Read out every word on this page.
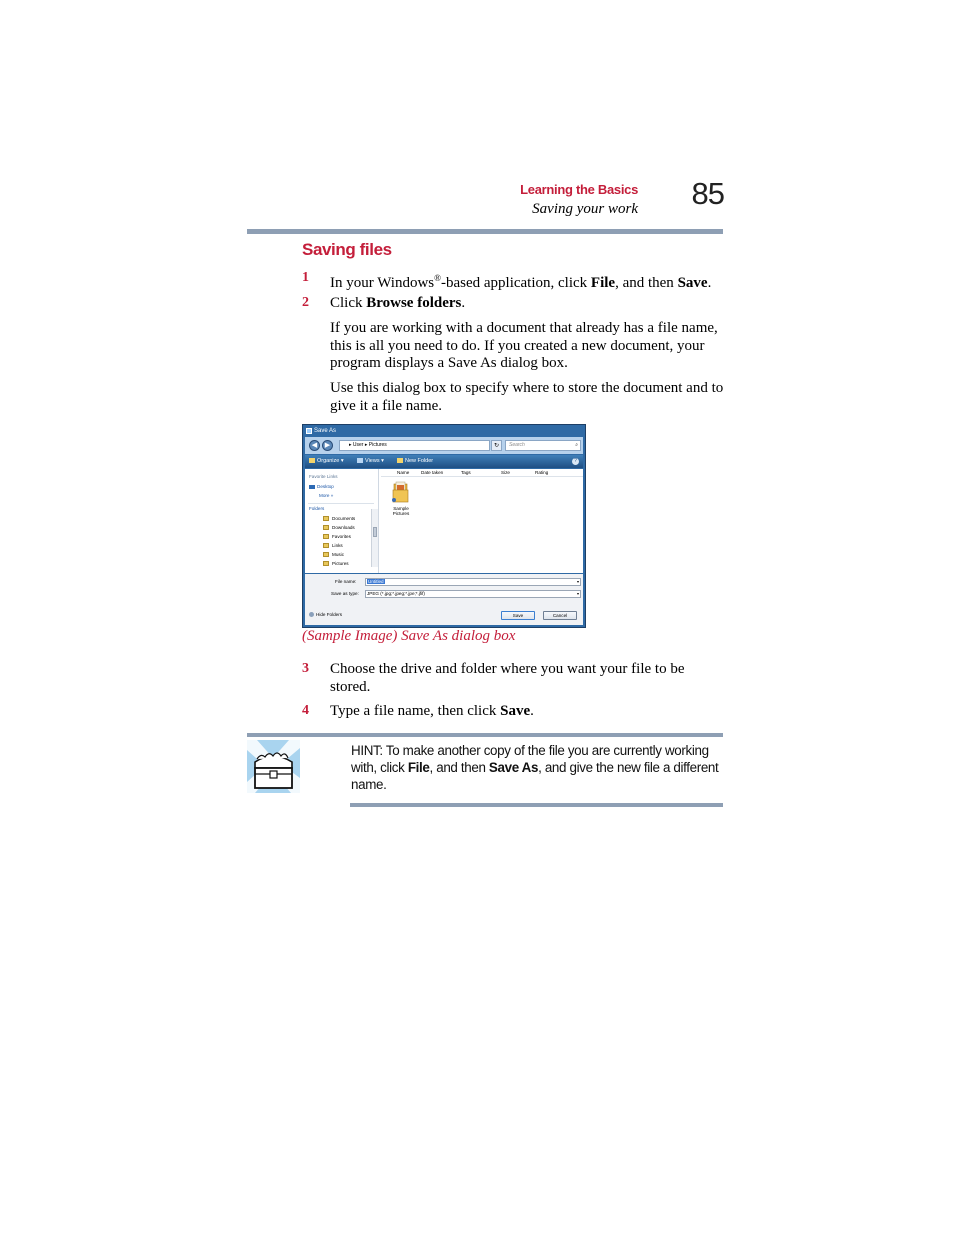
Learning the Basics
Saving your work 85
Saving files
1 In your Windows®-based application, click File, and then Save.
2 Click Browse folders.
If you are working with a document that already has a file name, this is all you need to do. If you created a new document, your program displays a Save As dialog box.
Use this dialog box to specify where to store the document and to give it a file name.
Save As
◀	▶	▸ User ▸ Pictures	↻	Search	⌕
Organize ▾	Views ▾	New Folder	?
Favorite Links
Desktop
More »
Folders
Documents
Downloads
Favorites
Links
Music
Pictures
Name	Date taken	Tags	Size	Rating
Sample Pictures
File name:	Untitled	▾
Save as type:	JPEG (*.jpg;*.jpeg;*.jpe;*.jfif)	▾
Hide Folders	Save	Cancel
(Sample Image) Save As dialog box
3 Choose the drive and folder where you want your file to be stored.
4 Type a file name, then click Save.
HINT: To make another copy of the file you are currently working with, click File, and then Save As, and give the new file a different name.
